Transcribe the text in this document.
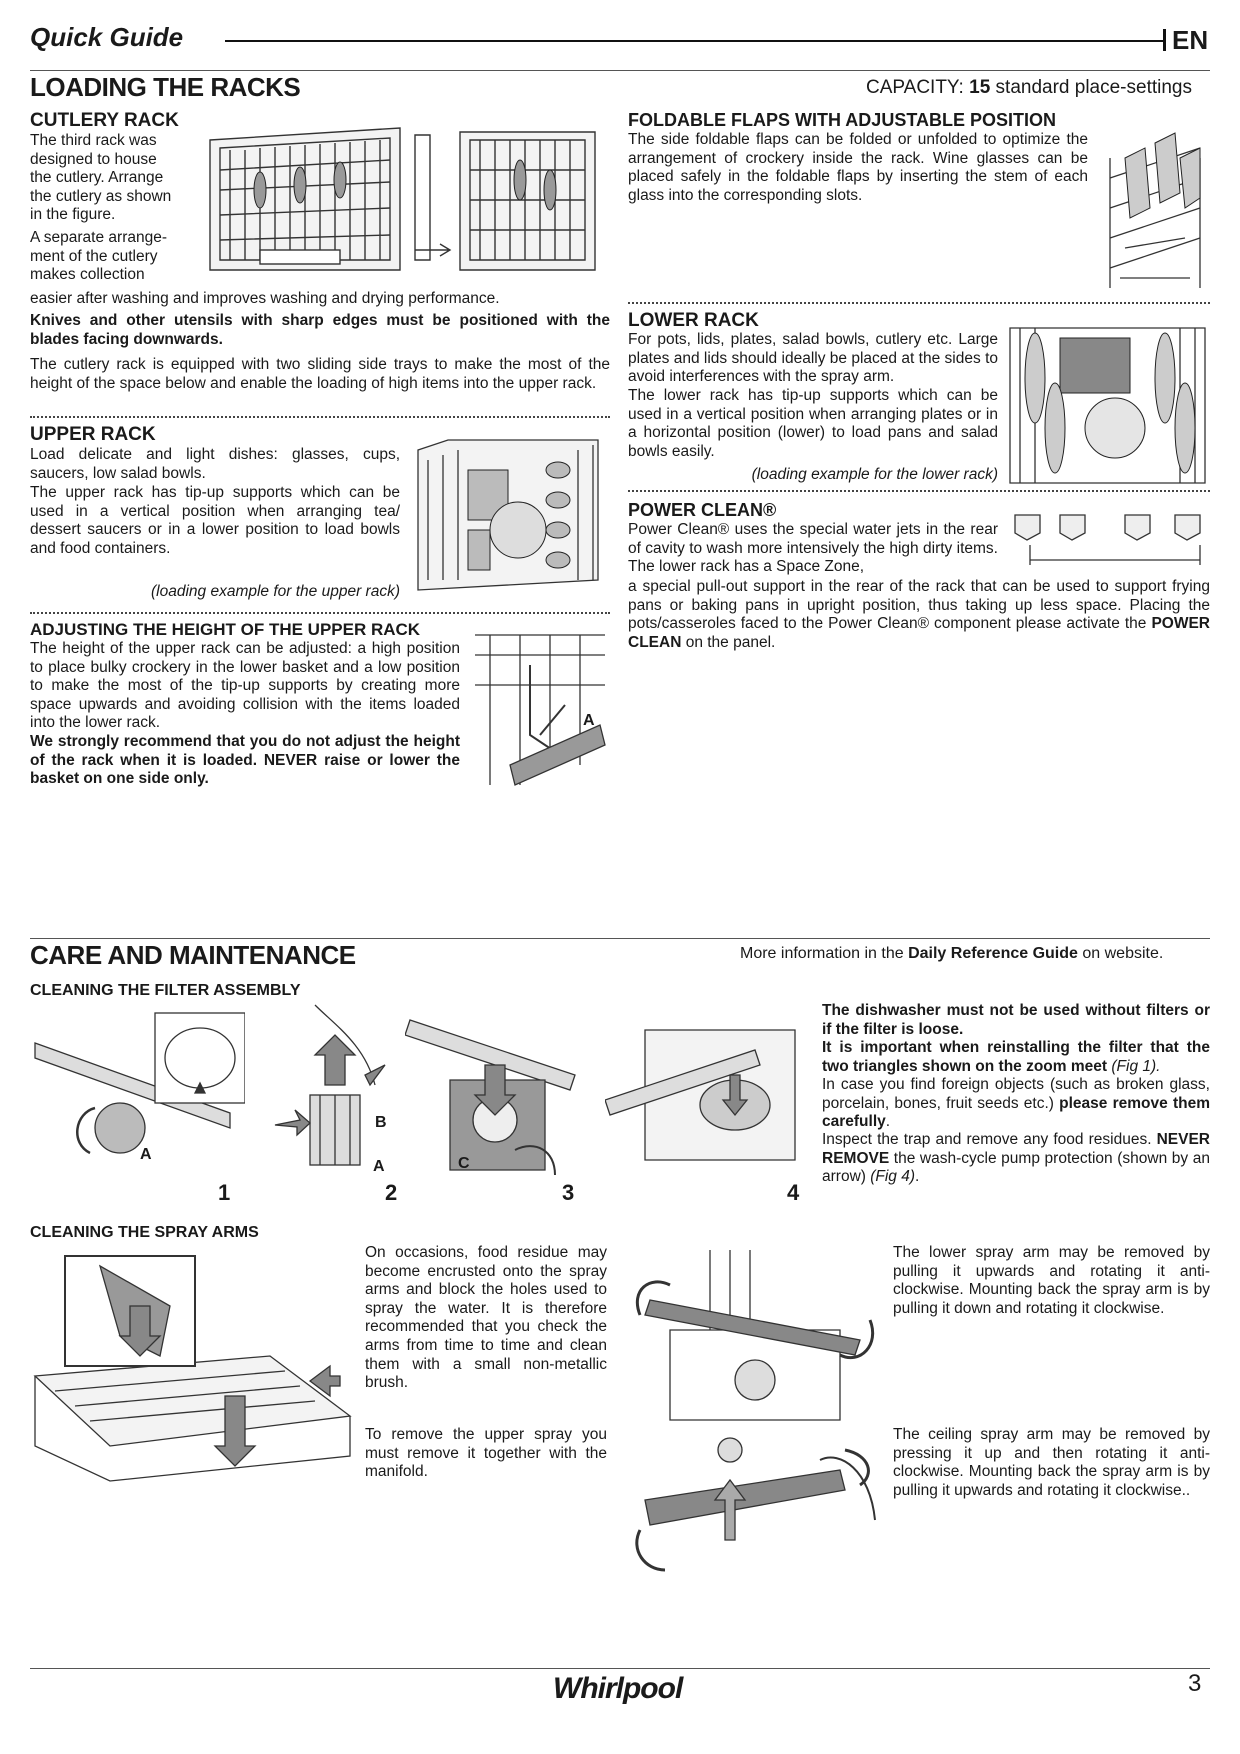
Quick Guide	EN
LOADING THE RACKS	CAPACITY: 15 standard place-settings
CUTLERY RACK
The third rack was
designed to house
the cutlery. Arrange
the cutlery as shown
in the figure.
A separate arrange-
ment of the cutlery
makes collection
easier after washing and improves washing and drying performance.
Knives and other utensils with sharp edges must be positioned with the blades facing downwards.
The cutlery rack is equipped with two sliding side trays to make the most of the height of the space below and enable the loading of high items into the upper rack.
UPPER RACK
Load delicate and light dishes: glasses, cups, saucers, low salad bowls.
The upper rack has tip-up supports which can be used in a vertical position when arranging tea/ dessert saucers or in a lower position to load bowls and food containers.
(loading example for the upper rack)
ADJUSTING THE HEIGHT OF THE UPPER RACK
The height of the upper rack can be adjusted: a high position to place bulky crockery in the lower basket and a low position to make the most of the tip-up supports by creating more space upwards and avoiding collision with the items loaded into the lower rack.
We strongly recommend that you do not adjust the height of the rack when it is loaded. NEVER raise or lower the basket on one side only.
A
FOLDABLE FLAPS WITH ADJUSTABLE POSITION
The side foldable flaps can be folded or unfolded to optimize the arrangement of crockery inside the rack. Wine glasses can be placed safely in the foldable flaps by inserting the stem of each glass into the corresponding slots.
LOWER RACK
For pots, lids, plates, salad bowls, cutlery etc. Large plates and lids should ideally be placed at the sides to avoid interferences with the spray arm.
The lower rack has tip-up supports which can be used in a vertical position when arranging plates or in a horizontal position (lower) to load pans and salad bowls easily.
(loading example for the lower rack)
POWER CLEAN®
Power Clean® uses the special water jets in the rear of cavity to wash more intensively the high dirty items. The lower rack has a Space Zone,
a special pull-out support in the rear of the rack that can be used to support frying pans or baking pans in upright position, thus taking up less space. Placing the pots/casseroles faced to the Power Clean® component please activate the POWER CLEAN on the panel.
CARE AND MAINTENANCE	More information in the Daily Reference Guide on website.
CLEANING THE FILTER ASSEMBLY
A
1
B
A
2
C
3	4
The dishwasher must not be used without filters or if the filter is loose.
It is important when reinstalling the filter that the two triangles shown on the zoom meet (Fig 1).
In case you find foreign objects (such as broken glass, porcelain, bones, fruit seeds etc.) please remove them carefully.
Inspect the trap and remove any food residues. NEVER REMOVE the wash-cycle pump protection (shown by an arrow) (Fig 4).
CLEANING THE SPRAY ARMS
On occasions, food residue may become encrusted onto the spray arms and block the holes used to spray the water. It is therefore recommended that you check the arms from time to time and clean them with a small non-metallic brush.
To remove the upper spray you must remove it together with the manifold.
The lower spray arm may be removed by pulling it upwards and rotating it anti-clockwise. Mounting back the spray arm is by pulling it down and rotating it clockwise.
The ceiling spray arm may be removed by pressing it up and then rotating it anti-clockwise. Mounting back the spray arm is by pulling it upwards and rotating it clockwise..
Whirlpool	3
